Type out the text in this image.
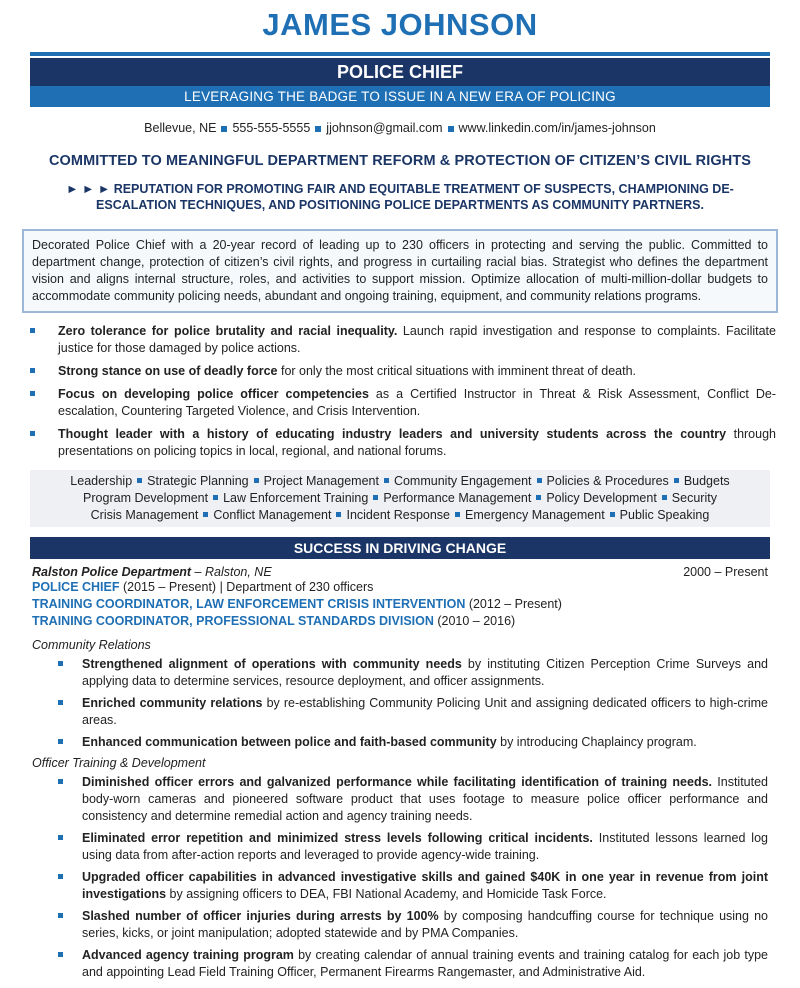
JAMES JOHNSON
POLICE CHIEF
LEVERAGING THE BADGE TO ISSUE IN A NEW ERA OF POLICING
Bellevue, NE 555-555-5555 jjohnson@gmail.com www.linkedin.com/in/james-johnson
COMMITTED TO MEANINGFUL DEPARTMENT REFORM & PROTECTION OF CITIZEN’S CIVIL RIGHTS
► ► ► REPUTATION FOR PROMOTING FAIR AND EQUITABLE TREATMENT OF SUSPECTS, CHAMPIONING DE-ESCALATION TECHNIQUES, AND POSITIONING POLICE DEPARTMENTS AS COMMUNITY PARTNERS.
Decorated Police Chief with a 20-year record of leading up to 230 officers in protecting and serving the public. Committed to department change, protection of citizen’s civil rights, and progress in curtailing racial bias. Strategist who defines the department vision and aligns internal structure, roles, and activities to support mission. Optimize allocation of multi-million-dollar budgets to accommodate community policing needs, abundant and ongoing training, equipment, and community relations programs.
Zero tolerance for police brutality and racial inequality. Launch rapid investigation and response to complaints. Facilitate justice for those damaged by police actions.
Strong stance on use of deadly force for only the most critical situations with imminent threat of death.
Focus on developing police officer competencies as a Certified Instructor in Threat & Risk Assessment, Conflict De-escalation, Countering Targeted Violence, and Crisis Intervention.
Thought leader with a history of educating industry leaders and university students across the country through presentations on policing topics in local, regional, and national forums.
Leadership Strategic Planning Project Management Community Engagement Policies & Procedures Budgets
Program Development Law Enforcement Training Performance Management Policy Development Security
Crisis Management Conflict Management Incident Response Emergency Management Public Speaking
SUCCESS IN DRIVING CHANGE
Ralston Police Department – Ralston, NE	2000 – Present
POLICE CHIEF (2015 – Present) | Department of 230 officers
TRAINING COORDINATOR, LAW ENFORCEMENT CRISIS INTERVENTION (2012 – Present)
TRAINING COORDINATOR, PROFESSIONAL STANDARDS DIVISION (2010 – 2016)
Community Relations
Strengthened alignment of operations with community needs by instituting Citizen Perception Crime Surveys and applying data to determine services, resource deployment, and officer assignments.
Enriched community relations by re-establishing Community Policing Unit and assigning dedicated officers to high-crime areas.
Enhanced communication between police and faith-based community by introducing Chaplaincy program.
Officer Training & Development
Diminished officer errors and galvanized performance while facilitating identification of training needs. Instituted body-worn cameras and pioneered software product that uses footage to measure police officer performance and consistency and determine remedial action and agency training needs.
Eliminated error repetition and minimized stress levels following critical incidents. Instituted lessons learned log using data from after-action reports and leveraged to provide agency-wide training.
Upgraded officer capabilities in advanced investigative skills and gained $40K in one year in revenue from joint investigations by assigning officers to DEA, FBI National Academy, and Homicide Task Force.
Slashed number of officer injuries during arrests by 100% by composing handcuffing course for technique using no series, kicks, or joint manipulation; adopted statewide and by PMA Companies.
Advanced agency training program by creating calendar of annual training events and training catalog for each job type and appointing Lead Field Training Officer, Permanent Firearms Rangemaster, and Administrative Aid.
